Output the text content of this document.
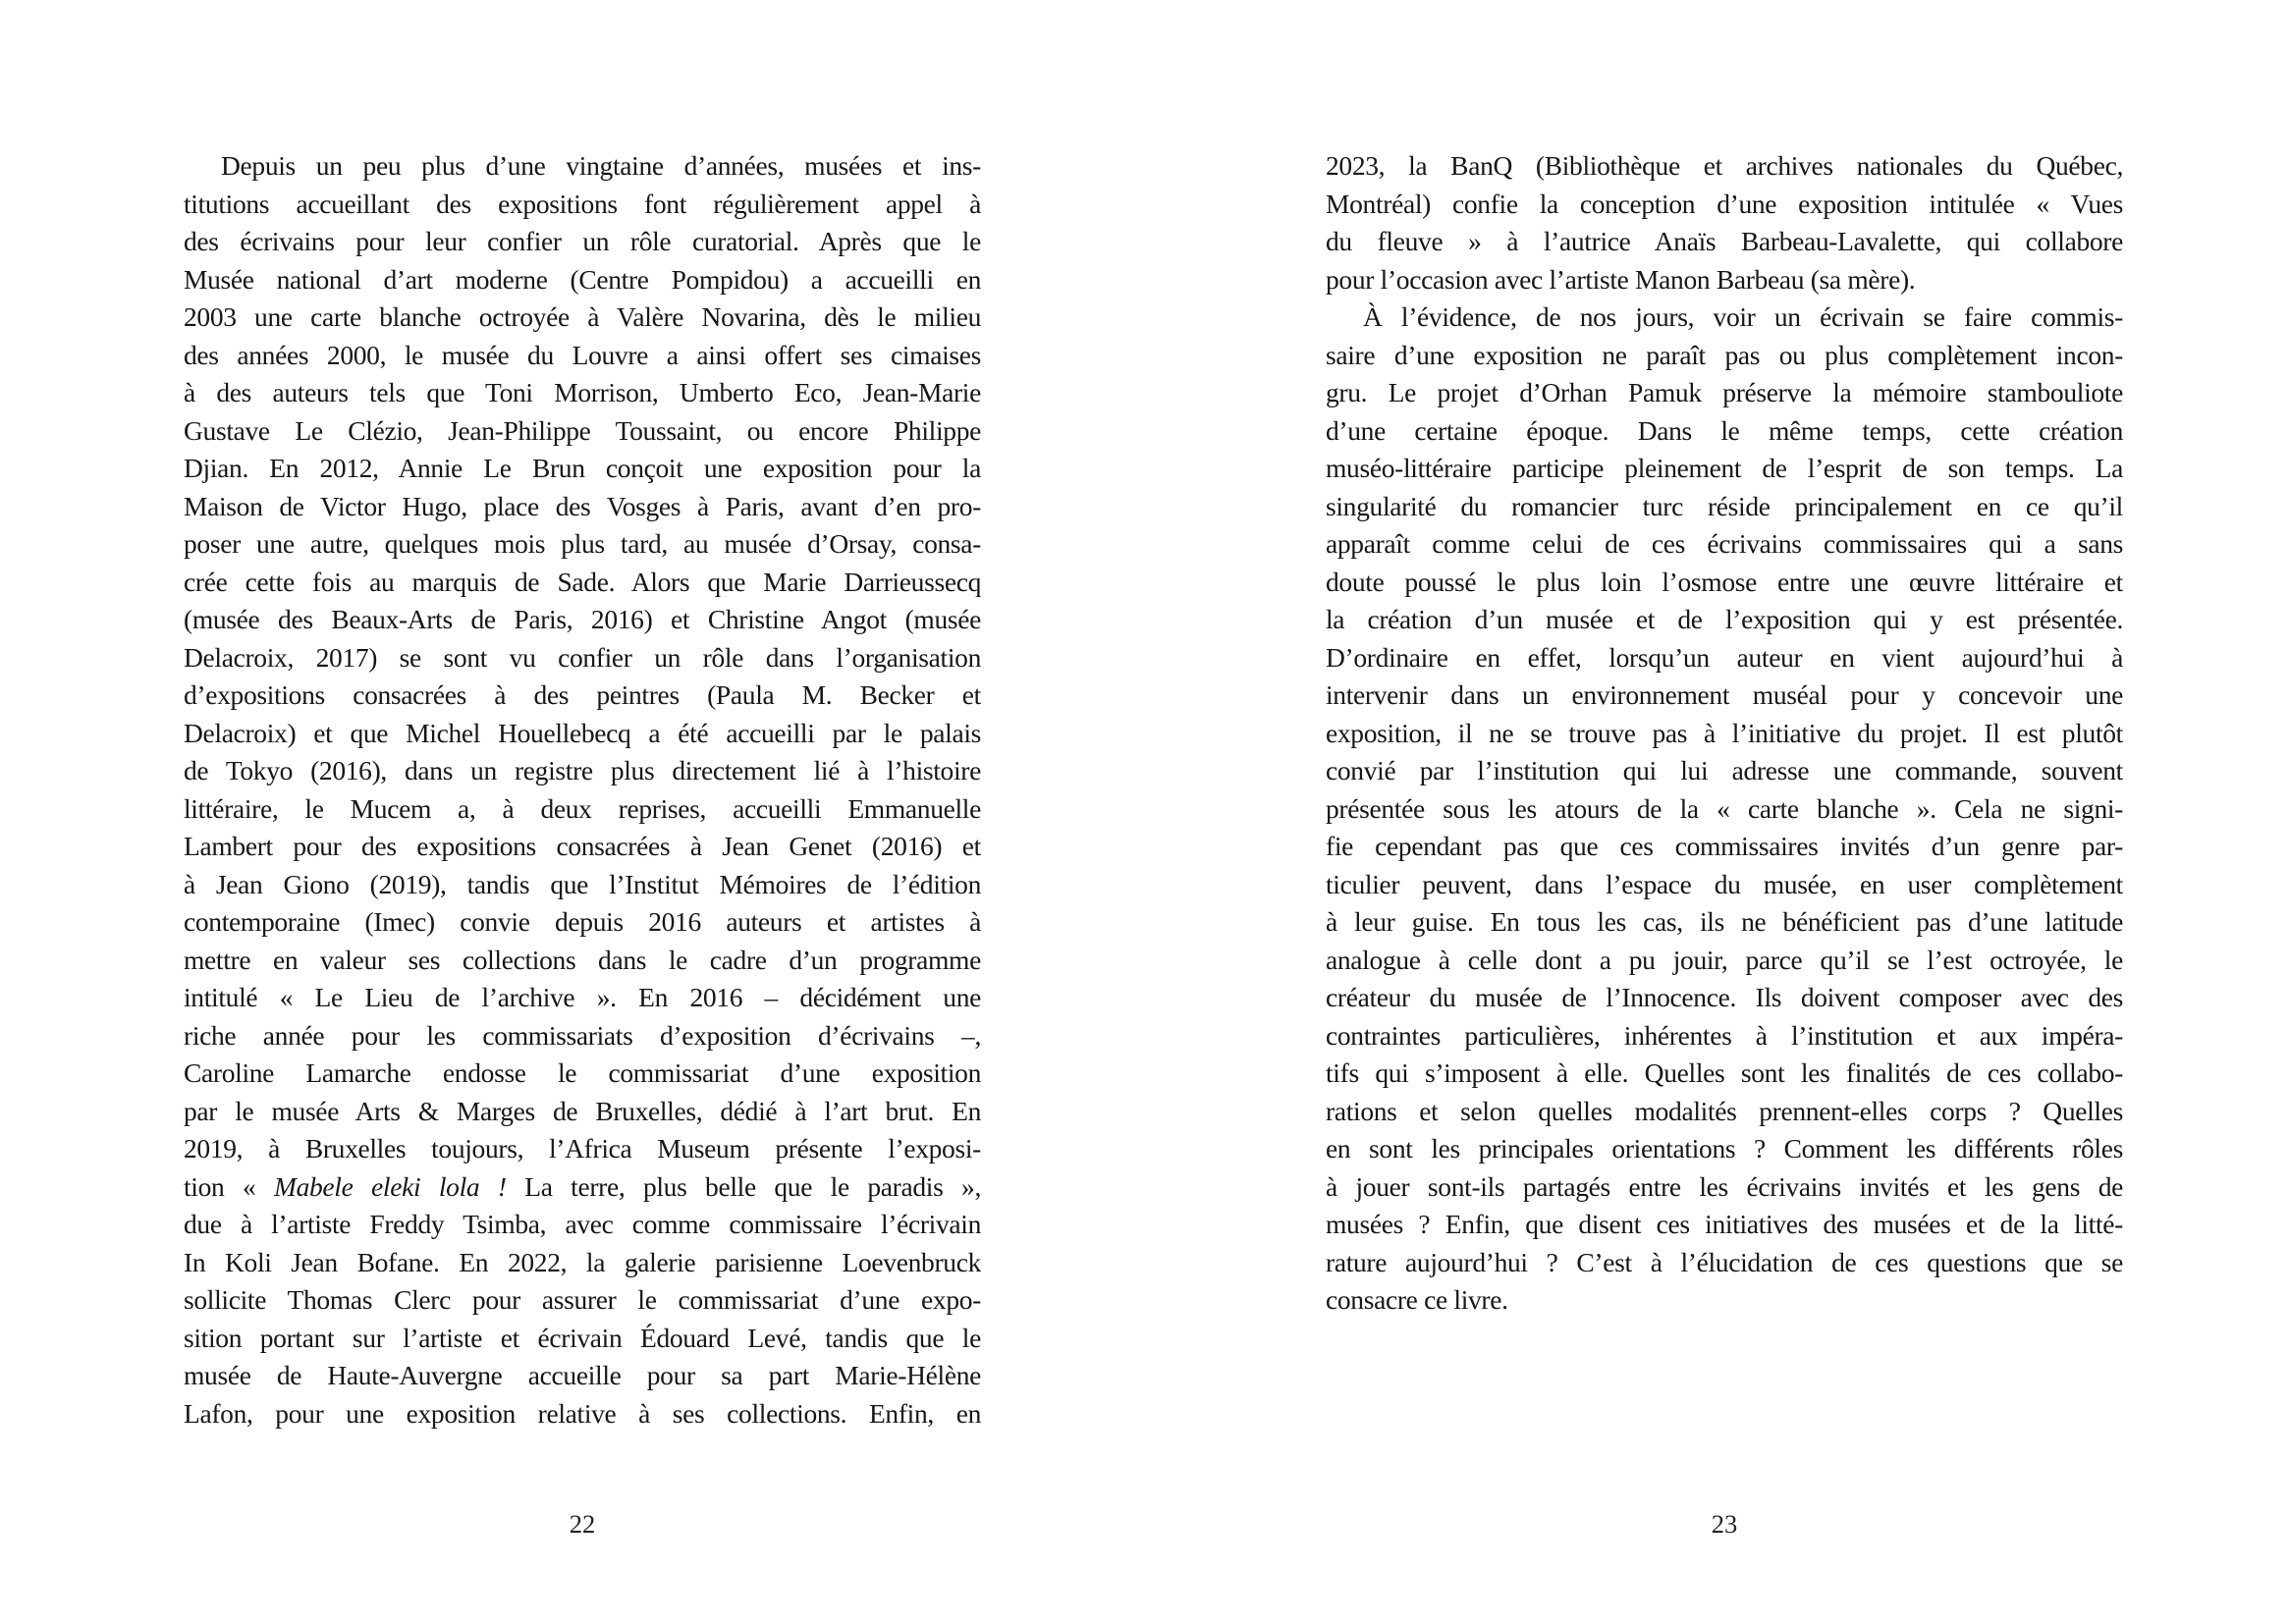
Depuis un peu plus d’une vingtaine d’années, musées et ins-
titutions accueillant des expositions font régulièrement appel à
des écrivains pour leur confier un rôle curatorial. Après que le
Musée national d’art moderne (Centre Pompidou) a accueilli en
2003 une carte blanche octroyée à Valère Novarina, dès le milieu
des années 2000, le musée du Louvre a ainsi offert ses cimaises
à des auteurs tels que Toni Morrison, Umberto Eco, Jean-Marie
Gustave Le Clézio, Jean-Philippe Toussaint, ou encore Philippe
Djian. En 2012, Annie Le Brun conçoit une exposition pour la
Maison de Victor Hugo, place des Vosges à Paris, avant d’en pro-
poser une autre, quelques mois plus tard, au musée d’Orsay, consa-
crée cette fois au marquis de Sade. Alors que Marie Darrieussecq
(musée des Beaux-Arts de Paris, 2016) et Christine Angot (musée
Delacroix, 2017) se sont vu confier un rôle dans l’organisation
d’expositions consacrées à des peintres (Paula M. Becker et
Delacroix) et que Michel Houellebecq a été accueilli par le palais
de Tokyo (2016), dans un registre plus directement lié à l’histoire
littéraire, le Mucem a, à deux reprises, accueilli Emmanuelle
Lambert pour des expositions consacrées à Jean Genet (2016) et
à Jean Giono (2019), tandis que l’Institut Mémoires de l’édition
contemporaine (Imec) convie depuis 2016 auteurs et artistes à
mettre en valeur ses collections dans le cadre d’un programme
intitulé « Le Lieu de l’archive ». En 2016 – décidément une
riche année pour les commissariats d’exposition d’écrivains –,
Caroline Lamarche endosse le commissariat d’une exposition
par le musée Arts & Marges de Bruxelles, dédié à l’art brut. En
2019, à Bruxelles toujours, l’Africa Museum présente l’exposi-
tion « Mabele eleki lola ! La terre, plus belle que le paradis »,
due à l’artiste Freddy Tsimba, avec comme commissaire l’écrivain
In Koli Jean Bofane. En 2022, la galerie parisienne Loevenbruck
sollicite Thomas Clerc pour assurer le commissariat d’une expo-
sition portant sur l’artiste et écrivain Édouard Levé, tandis que le
musée de Haute-Auvergne accueille pour sa part Marie-Hélène
Lafon, pour une exposition relative à ses collections. Enfin, en
2023, la BanQ (Bibliothèque et archives nationales du Québec,
Montréal) confie la conception d’une exposition intitulée « Vues
du fleuve » à l’autrice Anaïs Barbeau-Lavalette, qui collabore
pour l’occasion avec l’artiste Manon Barbeau (sa mère).
À l’évidence, de nos jours, voir un écrivain se faire commis-
saire d’une exposition ne paraît pas ou plus complètement incon-
gru. Le projet d’Orhan Pamuk préserve la mémoire stambouliote
d’une certaine époque. Dans le même temps, cette création
muséo-littéraire participe pleinement de l’esprit de son temps. La
singularité du romancier turc réside principalement en ce qu’il
apparaît comme celui de ces écrivains commissaires qui a sans
doute poussé le plus loin l’osmose entre une œuvre littéraire et
la création d’un musée et de l’exposition qui y est présentée.
D’ordinaire en effet, lorsqu’un auteur en vient aujourd’hui à
intervenir dans un environnement muséal pour y concevoir une
exposition, il ne se trouve pas à l’initiative du projet. Il est plutôt
convié par l’institution qui lui adresse une commande, souvent
présentée sous les atours de la « carte blanche ». Cela ne signi-
fie cependant pas que ces commissaires invités d’un genre par-
ticulier peuvent, dans l’espace du musée, en user complètement
à leur guise. En tous les cas, ils ne bénéficient pas d’une latitude
analogue à celle dont a pu jouir, parce qu’il se l’est octroyée, le
créateur du musée de l’Innocence. Ils doivent composer avec des
contraintes particulières, inhérentes à l’institution et aux impéra-
tifs qui s’imposent à elle. Quelles sont les finalités de ces collabo-
rations et selon quelles modalités prennent-elles corps ? Quelles
en sont les principales orientations ? Comment les différents rôles
à jouer sont-ils partagés entre les écrivains invités et les gens de
musées ? Enfin, que disent ces initiatives des musées et de la litté-
rature aujourd’hui ? C’est à l’élucidation de ces questions que se
consacre ce livre.
22	23
